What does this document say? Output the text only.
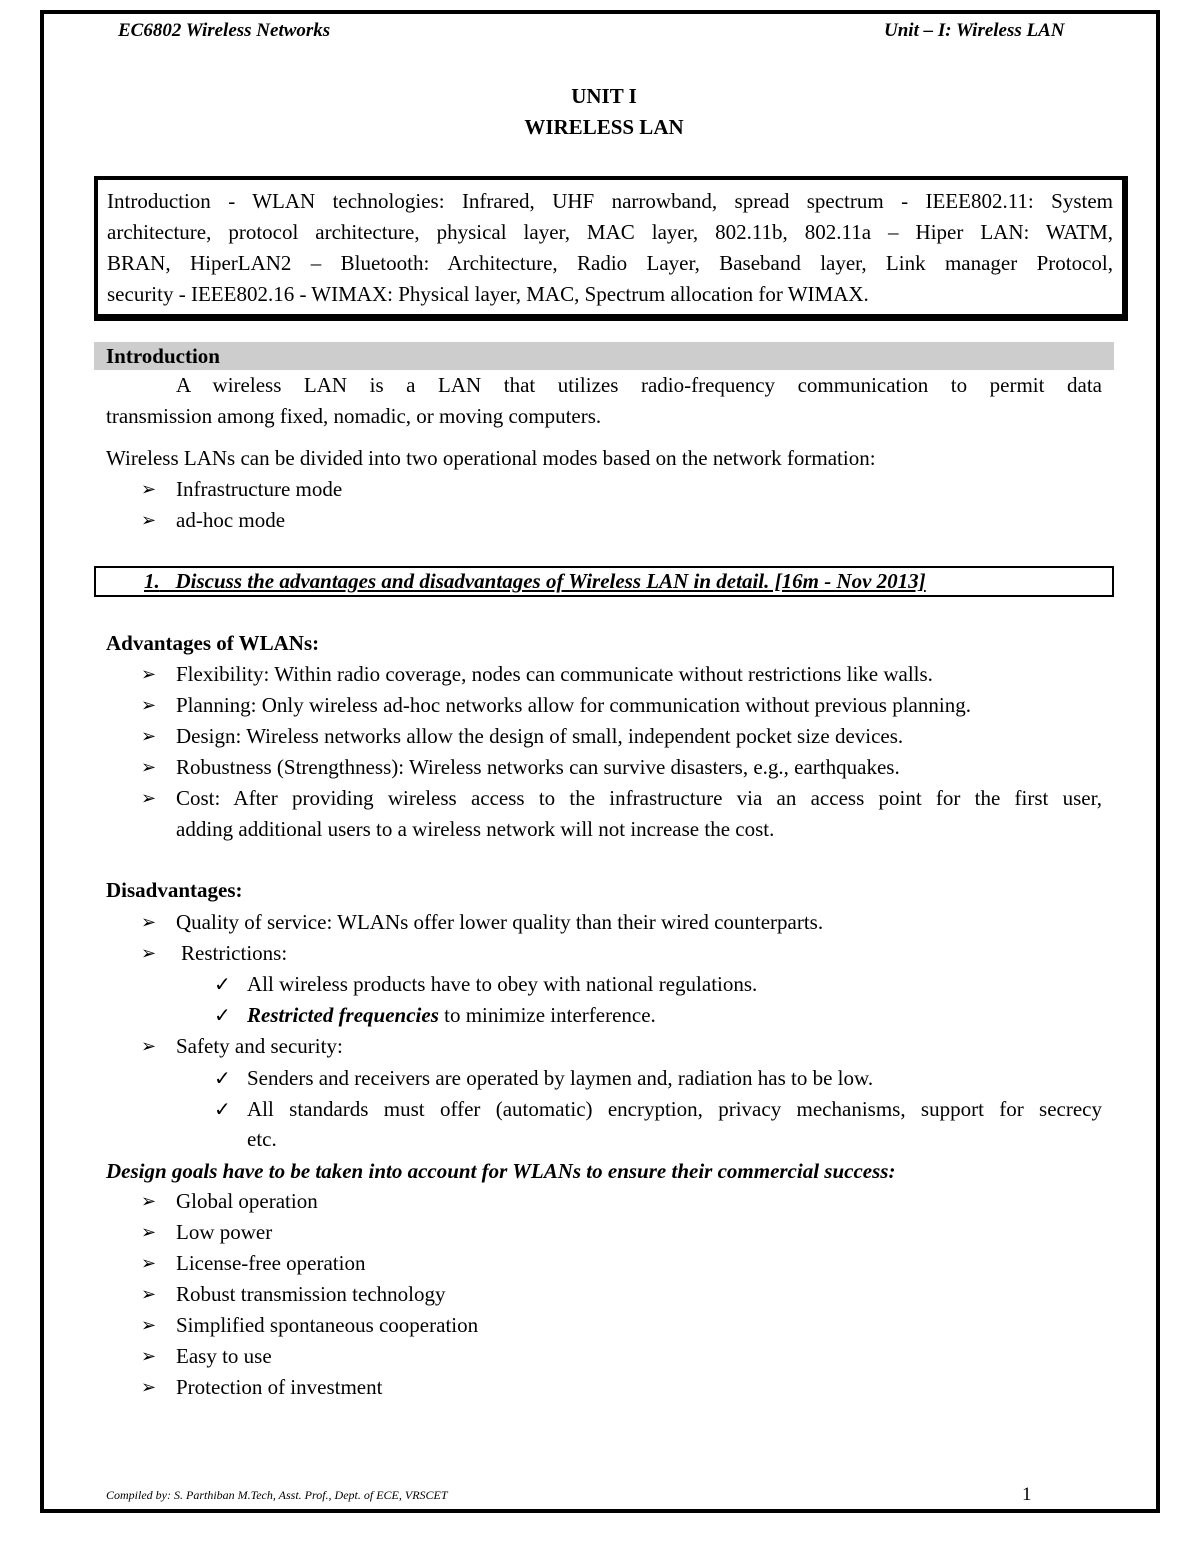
EC6802 Wireless Networks	Unit – I: Wireless LAN
UNIT I
WIRELESS LAN
Introduction - WLAN technologies: Infrared, UHF narrowband, spread spectrum - IEEE802.11: System
architecture, protocol architecture, physical layer, MAC layer, 802.11b, 802.11a – Hiper LAN: WATM,
BRAN, HiperLAN2 – Bluetooth: Architecture, Radio Layer, Baseband layer, Link manager Protocol,
security - IEEE802.16 - WIMAX: Physical layer, MAC, Spectrum allocation for WIMAX.
Introduction
A wireless LAN is a LAN that utilizes radio-frequency communication to permit data
transmission among fixed, nomadic, or moving computers.
Wireless LANs can be divided into two operational modes based on the network formation:
➢ Infrastructure mode
➢ ad-hoc mode
1. Discuss the advantages and disadvantages of Wireless LAN in detail. [16m - Nov 2013]
Advantages of WLANs:
➢ Flexibility: Within radio coverage, nodes can communicate without restrictions like walls.
➢ Planning: Only wireless ad-hoc networks allow for communication without previous planning.
➢ Design: Wireless networks allow the design of small, independent pocket size devices.
➢ Robustness (Strengthness): Wireless networks can survive disasters, e.g., earthquakes.
➢ Cost: After providing wireless access to the infrastructure via an access point for the first user,
adding additional users to a wireless network will not increase the cost.
Disadvantages:
➢ Quality of service: WLANs offer lower quality than their wired counterparts.
➢ Restrictions:
✓ All wireless products have to obey with national regulations.
✓ Restricted frequencies to minimize interference.
➢ Safety and security:
✓ Senders and receivers are operated by laymen and, radiation has to be low.
✓ All standards must offer (automatic) encryption, privacy mechanisms, support for secrecy
etc.
Design goals have to be taken into account for WLANs to ensure their commercial success:
➢ Global operation
➢ Low power
➢ License-free operation
➢ Robust transmission technology
➢ Simplified spontaneous cooperation
➢ Easy to use
➢ Protection of investment
Compiled by: S. Parthiban M.Tech, Asst. Prof., Dept. of ECE, VRSCET	1
